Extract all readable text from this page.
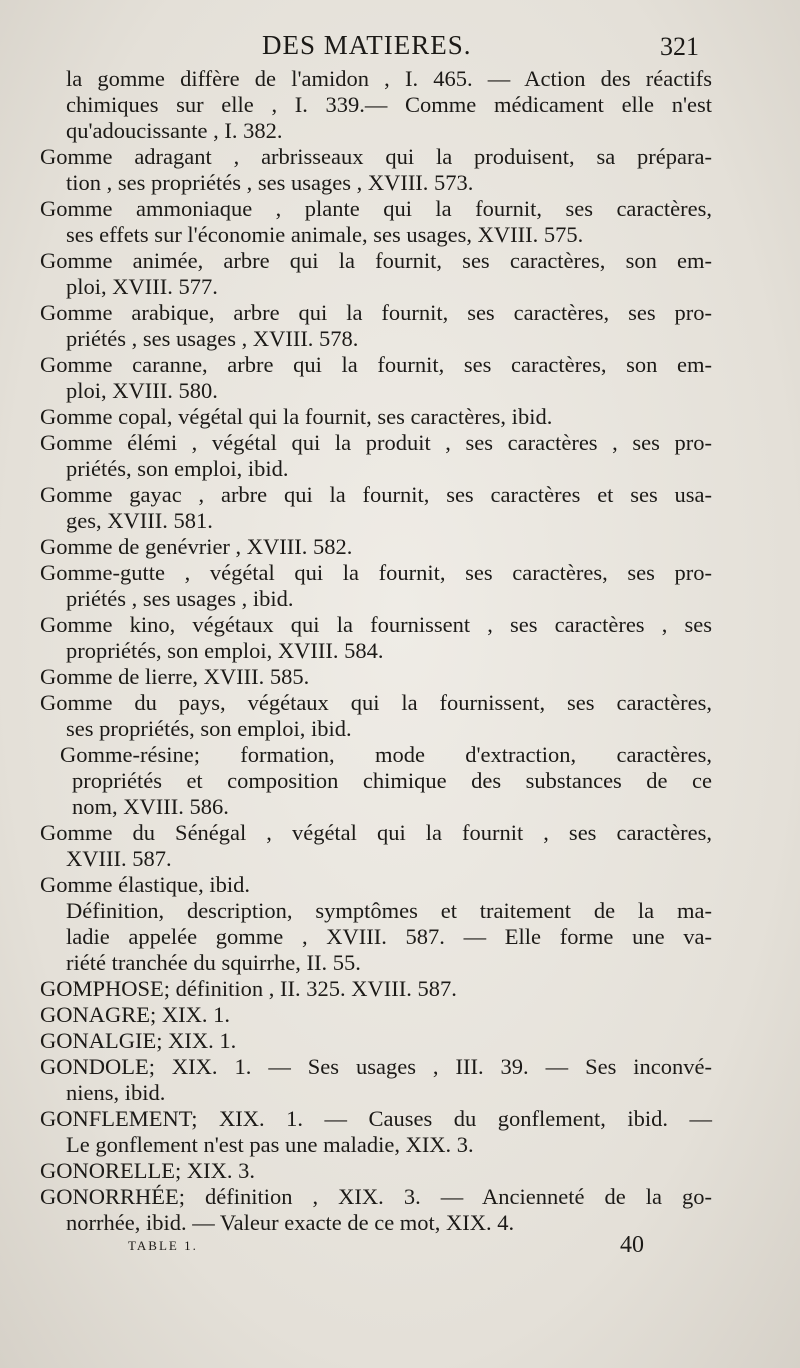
DES MATIERES.	321
la gomme diffère de l'amidon , I. 465. — Action des réactifs
chimiques sur elle , I. 339.— Comme médicament elle n'est
qu'adoucissante , I. 382.
Gomme adragant , arbrisseaux qui la produisent, sa prépara-
tion , ses propriétés , ses usages , XVIII. 573.
Gomme ammoniaque , plante qui la fournit, ses caractères,
ses effets sur l'économie animale, ses usages, XVIII. 575.
Gomme animée, arbre qui la fournit, ses caractères, son em-
ploi, XVIII. 577.
Gomme arabique, arbre qui la fournit, ses caractères, ses pro-
priétés , ses usages , XVIII. 578.
Gomme caranne, arbre qui la fournit, ses caractères, son em-
ploi, XVIII. 580.
Gomme copal, végétal qui la fournit, ses caractères, ibid.
Gomme élémi , végétal qui la produit , ses caractères , ses pro-
priétés, son emploi, ibid.
Gomme gayac , arbre qui la fournit, ses caractères et ses usa-
ges, XVIII. 581.
Gomme de genévrier , XVIII. 582.
Gomme-gutte , végétal qui la fournit, ses caractères, ses pro-
priétés , ses usages , ibid.
Gomme kino, végétaux qui la fournissent , ses caractères , ses
propriétés, son emploi, XVIII. 584.
Gomme de lierre, XVIII. 585.
Gomme du pays, végétaux qui la fournissent, ses caractères,
ses propriétés, son emploi, ibid.
Gomme-résine; formation, mode d'extraction, caractères,
propriétés et composition chimique des substances de ce
nom, XVIII. 586.
Gomme du Sénégal , végétal qui la fournit , ses caractères,
XVIII. 587.
Gomme élastique, ibid.
Définition, description, symptômes et traitement de la ma-
ladie appelée gomme , XVIII. 587. — Elle forme une va-
riété tranchée du squirrhe, II. 55.
GOMPHOSE; définition , II. 325. XVIII. 587.
GONAGRE; XIX. 1.
GONALGIE; XIX. 1.
GONDOLE; XIX. 1. — Ses usages , III. 39. — Ses inconvé-
niens, ibid.
GONFLEMENT; XIX. 1. — Causes du gonflement, ibid. —
Le gonflement n'est pas une maladie, XIX. 3.
GONORELLE; XIX. 3.
GONORRHÉE; définition , XIX. 3. — Ancienneté de la go-
norrhée, ibid. — Valeur exacte de ce mot, XIX. 4.
TABLE 1.	40
